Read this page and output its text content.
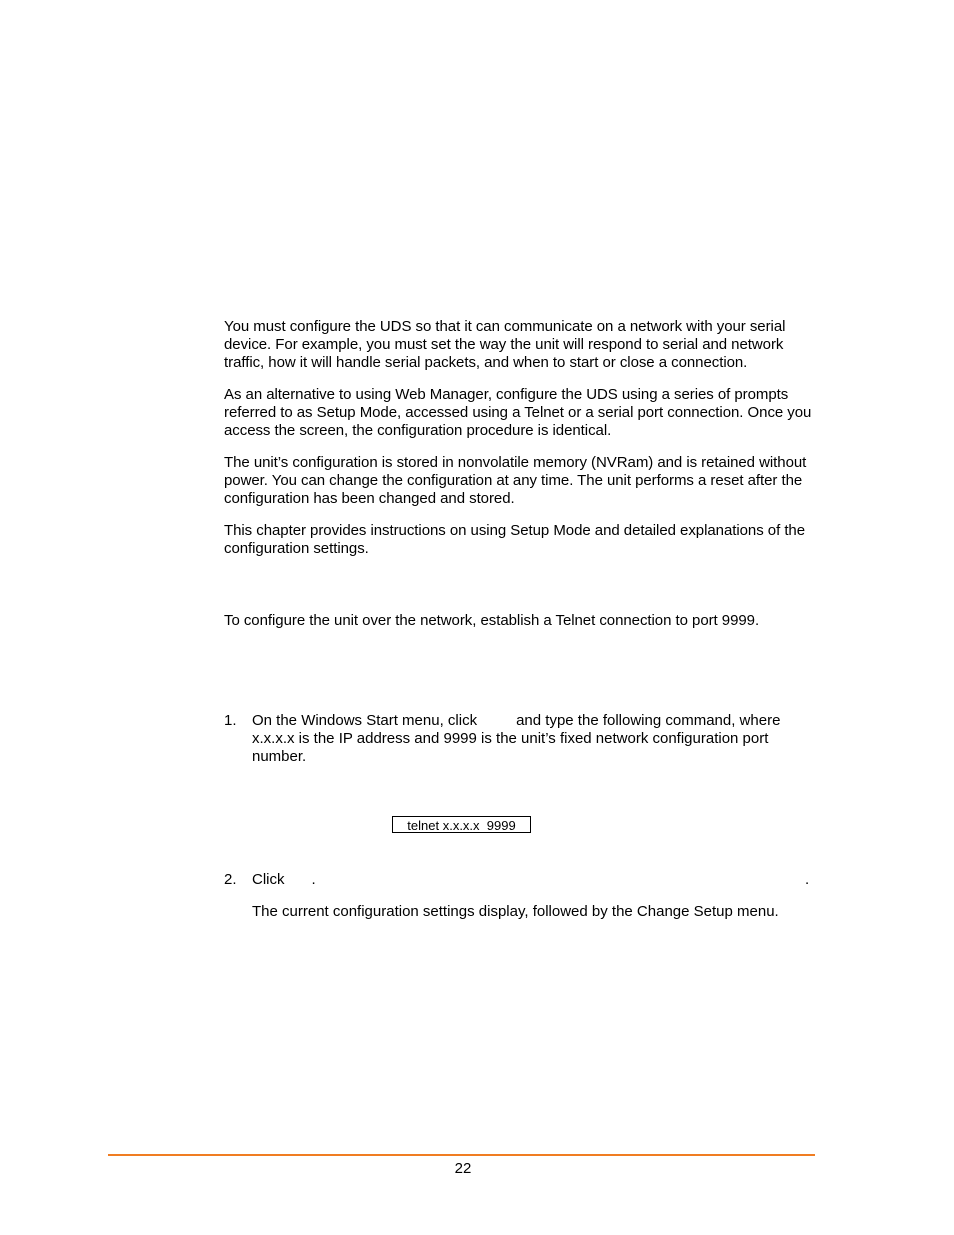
You must configure the UDS so that it can communicate on a network with your serial device. For example, you must set the way the unit will respond to serial and network traffic, how it will handle serial packets, and when to start or close a connection.

As an alternative to using Web Manager, configure the UDS using a series of prompts referred to as Setup Mode, accessed using a Telnet or a serial port connection. Once you access the screen, the configuration procedure is identical.

The unit’s configuration is stored in nonvolatile memory (NVRam) and is retained without power. You can change the configuration at any time. The unit performs a reset after the configuration has been changed and stored.

This chapter provides instructions on using Setup Mode and detailed explanations of the configuration settings.

To configure the unit over the network, establish a Telnet connection to port 9999.

1. On the Windows Start menu, click	and type the following command, where x.x.x.x is the IP address and 9999 is the unit’s fixed network configuration port number.

telnet x.x.x.x  9999

2. Click .	.

The current configuration settings display, followed by the Change Setup menu.

22
